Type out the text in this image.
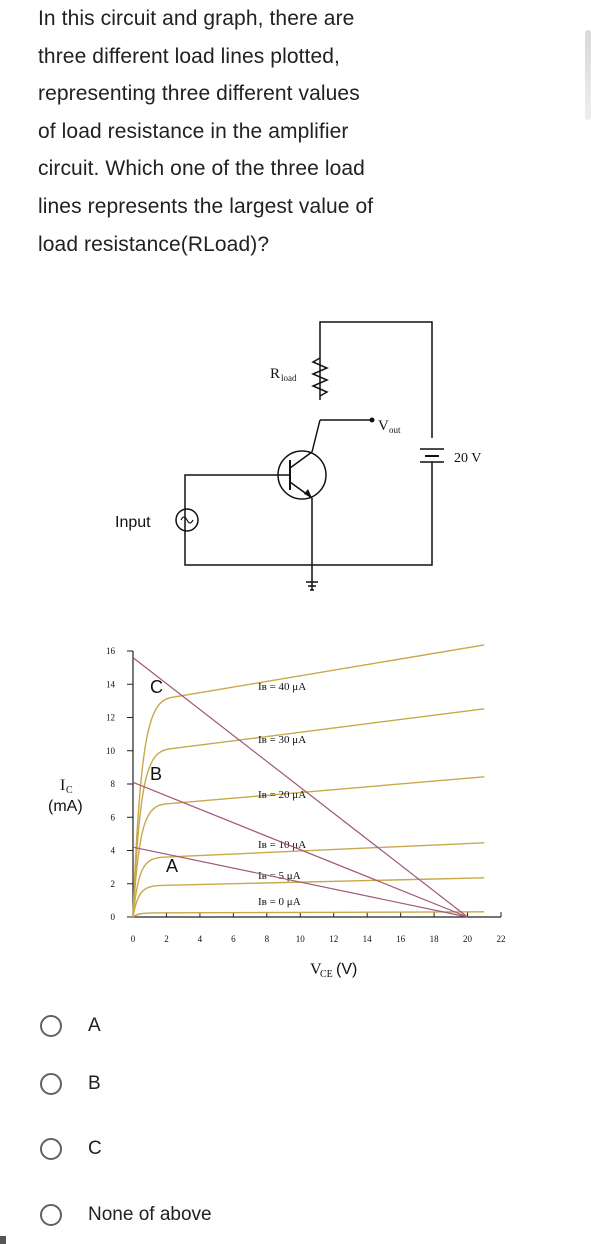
In this circuit and graph, there are
three different load lines plotted,
representing three different values
of load resistance in the amplifier
circuit. Which one of the three load
lines represents the largest value of
load resistance(RLoad)?
R load
V out
20 V
Input
0
2
4
6
8
10
12
14
16
0	2	4	6	8	10	12	14	16	18	20	22
Iʙ = 40 μA
Iʙ = 30 μA
Iʙ = 20 μA
Iʙ = 10 μA
Iʙ = 5 μA
Iʙ = 0 μA
A
B
C
V
CE (V)
I C
(mA)
A
B
C
None of above
